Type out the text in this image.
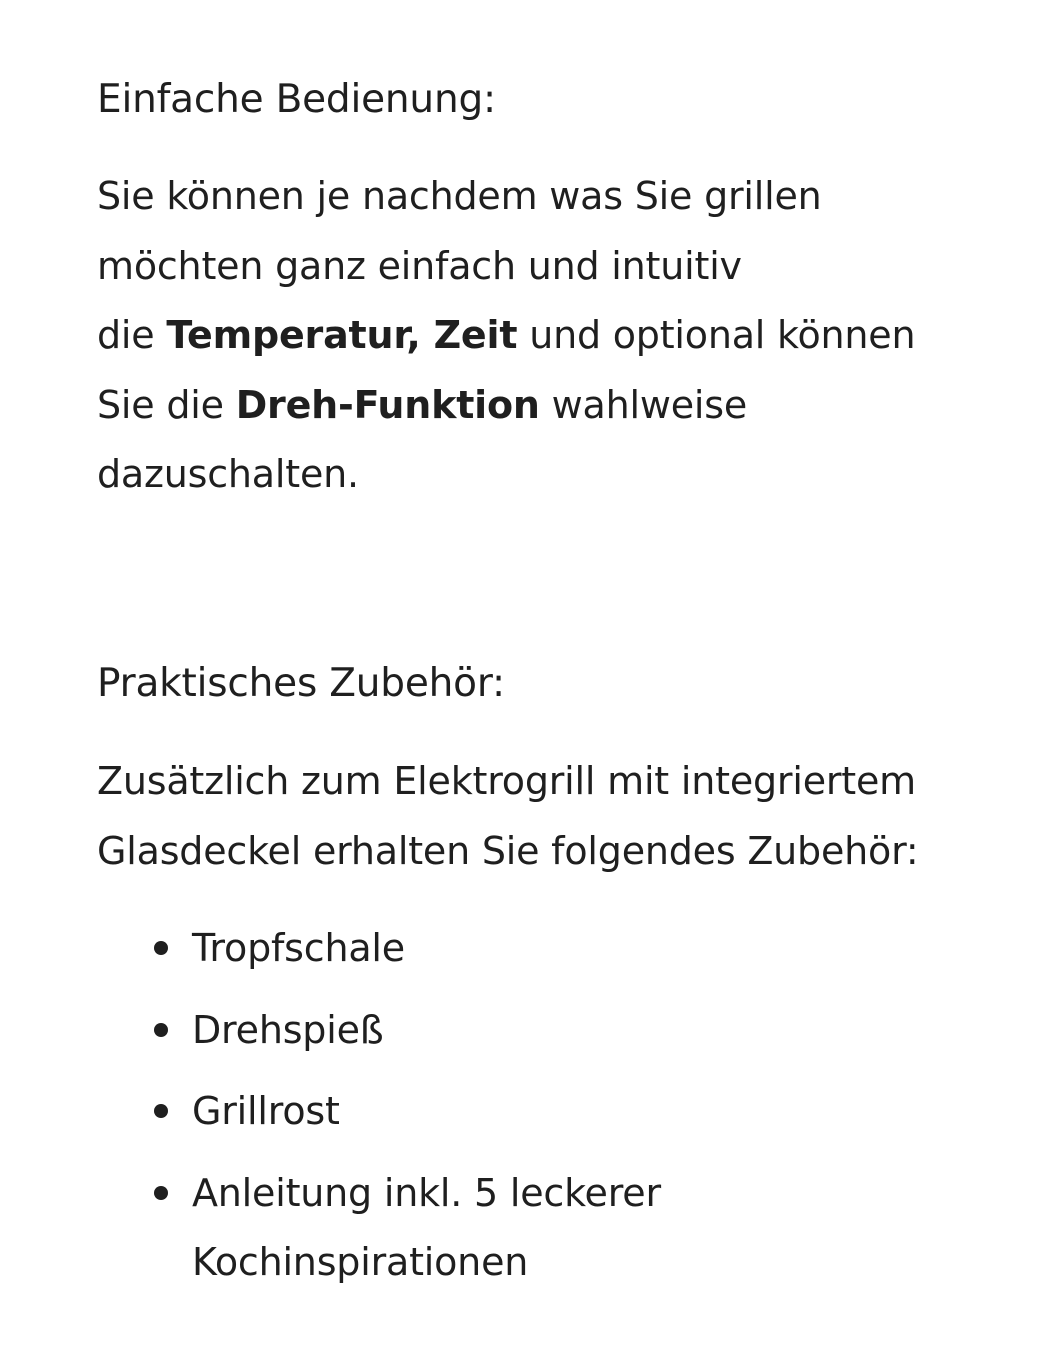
Einfache Bedienung:

Sie können je nachdem was Sie grillen
möchten ganz einfach und intuitiv
die Temperatur, Zeit und optional können
Sie die Dreh-Funktion wahlweise
dazuschalten.

Praktisches Zubehör:

Zusätzlich zum Elektrogrill mit integriertem
Glasdeckel erhalten Sie folgendes Zubehör:

Tropfschale
Drehspieß
Grillrost
Anleitung inkl. 5 leckerer
Kochinspirationen
